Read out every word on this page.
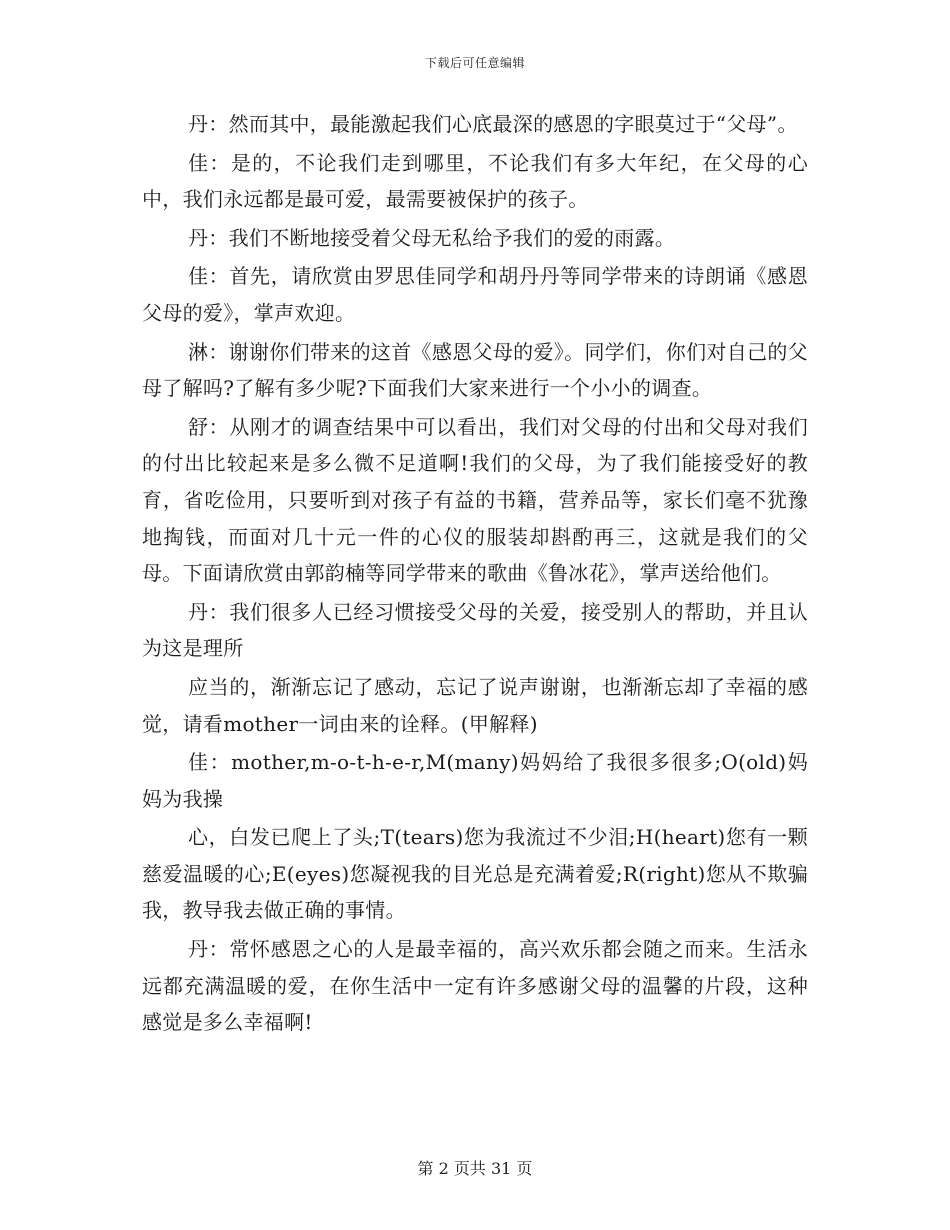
下载后可任意编辑

丹：然而其中，最能激起我们心底最深的感恩的字眼莫过于“父母”。

佳：是的，不论我们走到哪里，不论我们有多大年纪，在父母的心中，我们永远都是最可爱，最需要被保护的孩子。

丹：我们不断地接受着父母无私给予我们的爱的雨露。

佳：首先，请欣赏由罗思佳同学和胡丹丹等同学带来的诗朗诵《感恩父母的爱》，掌声欢迎。

淋：谢谢你们带来的这首《感恩父母的爱》。同学们，你们对自己的父母了解吗?了解有多少呢?下面我们大家来进行一个小小的调查。

舒：从刚才的调查结果中可以看出，我们对父母的付出和父母对我们的付出比较起来是多么微不足道啊!我们的父母，为了我们能接受好的教育，省吃俭用，只要听到对孩子有益的书籍，营养品等，家长们毫不犹豫地掏钱，而面对几十元一件的心仪的服装却斟酌再三，这就是我们的父母。下面请欣赏由郭韵楠等同学带来的歌曲《鲁冰花》，掌声送给他们。

丹：我们很多人已经习惯接受父母的关爱，接受别人的帮助，并且认为这是理所

应当的，渐渐忘记了感动，忘记了说声谢谢，也渐渐忘却了幸福的感觉，请看mother一词由来的诠释。(甲解释)

佳：mother,m-o-t-h-e-r,M(many)妈妈给了我很多很多;O(old)妈妈为我操

心，白发已爬上了头;T(tears)您为我流过不少泪;H(heart)您有一颗慈爱温暖的心;E(eyes)您凝视我的目光总是充满着爱;R(right)您从不欺骗我，教导我去做正确的事情。

丹：常怀感恩之心的人是最幸福的，高兴欢乐都会随之而来。生活永远都充满温暖的爱，在你生活中一定有许多感谢父母的温馨的片段，这种感觉是多么幸福啊!

第 2 页共 31 页
